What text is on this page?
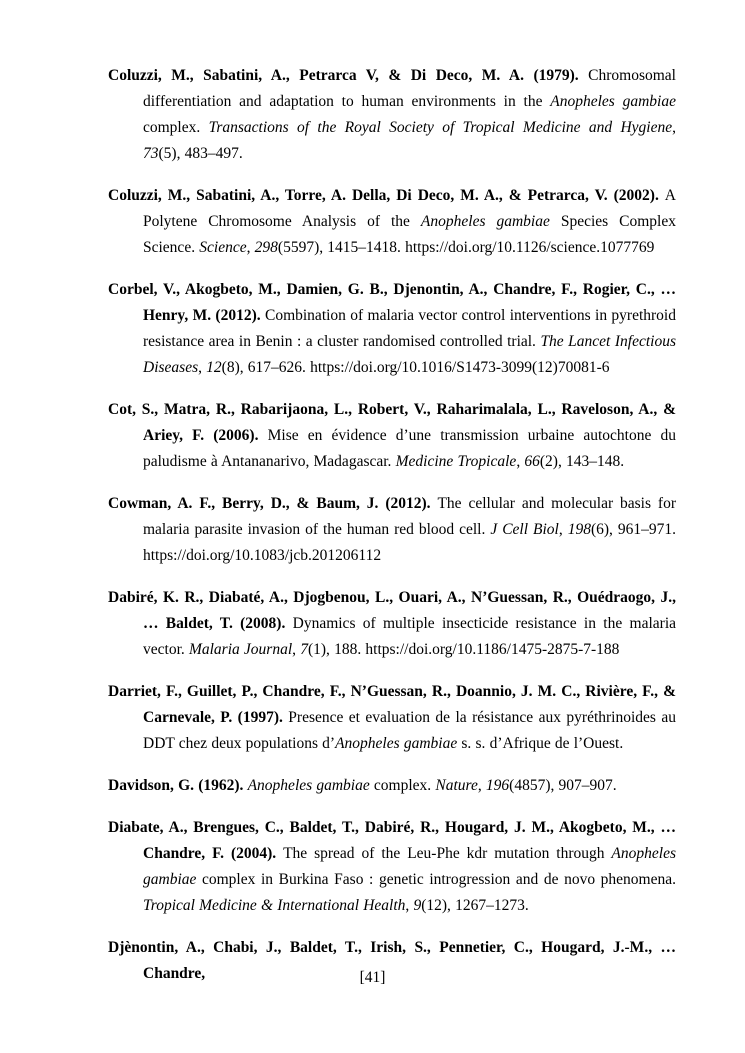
Coluzzi, M., Sabatini, A., Petrarca V, & Di Deco, M. A. (1979). Chromosomal differentiation and adaptation to human environments in the Anopheles gambiae complex. Transactions of the Royal Society of Tropical Medicine and Hygiene, 73(5), 483–497.

Coluzzi, M., Sabatini, A., Torre, A. Della, Di Deco, M. A., & Petrarca, V. (2002). A Polytene Chromosome Analysis of the Anopheles gambiae Species Complex Science. Science, 298(5597), 1415–1418. https://doi.org/10.1126/science.1077769

Corbel, V., Akogbeto, M., Damien, G. B., Djenontin, A., Chandre, F., Rogier, C., … Henry, M. (2012). Combination of malaria vector control interventions in pyrethroid resistance area in Benin : a cluster randomised controlled trial. The Lancet Infectious Diseases, 12(8), 617–626. https://doi.org/10.1016/S1473-3099(12)70081-6

Cot, S., Matra, R., Rabarijaona, L., Robert, V., Raharimalala, L., Raveloson, A., & Ariey, F. (2006). Mise en évidence d’une transmission urbaine autochtone du paludisme à Antananarivo, Madagascar. Medicine Tropicale, 66(2), 143–148.

Cowman, A. F., Berry, D., & Baum, J. (2012). The cellular and molecular basis for malaria parasite invasion of the human red blood cell. J Cell Biol, 198(6), 961–971. https://doi.org/10.1083/jcb.201206112

Dabiré, K. R., Diabaté, A., Djogbenou, L., Ouari, A., N’Guessan, R., Ouédraogo, J., … Baldet, T. (2008). Dynamics of multiple insecticide resistance in the malaria vector. Malaria Journal, 7(1), 188. https://doi.org/10.1186/1475-2875-7-188

Darriet, F., Guillet, P., Chandre, F., N’Guessan, R., Doannio, J. M. C., Rivière, F., & Carnevale, P. (1997). Presence et evaluation de la résistance aux pyréthrinoides au DDT chez deux populations d’Anopheles gambiae s. s. d’Afrique de l’Ouest.

Davidson, G. (1962). Anopheles gambiae complex. Nature, 196(4857), 907–907.

Diabate, A., Brengues, C., Baldet, T., Dabiré, R., Hougard, J. M., Akogbeto, M., … Chandre, F. (2004). The spread of the Leu-Phe kdr mutation through Anopheles gambiae complex in Burkina Faso : genetic introgression and de novo phenomena. Tropical Medicine & International Health, 9(12), 1267–1273.

Djènontin, A., Chabi, J., Baldet, T., Irish, S., Pennetier, C., Hougard, J.-M., … Chandre,	[41]
